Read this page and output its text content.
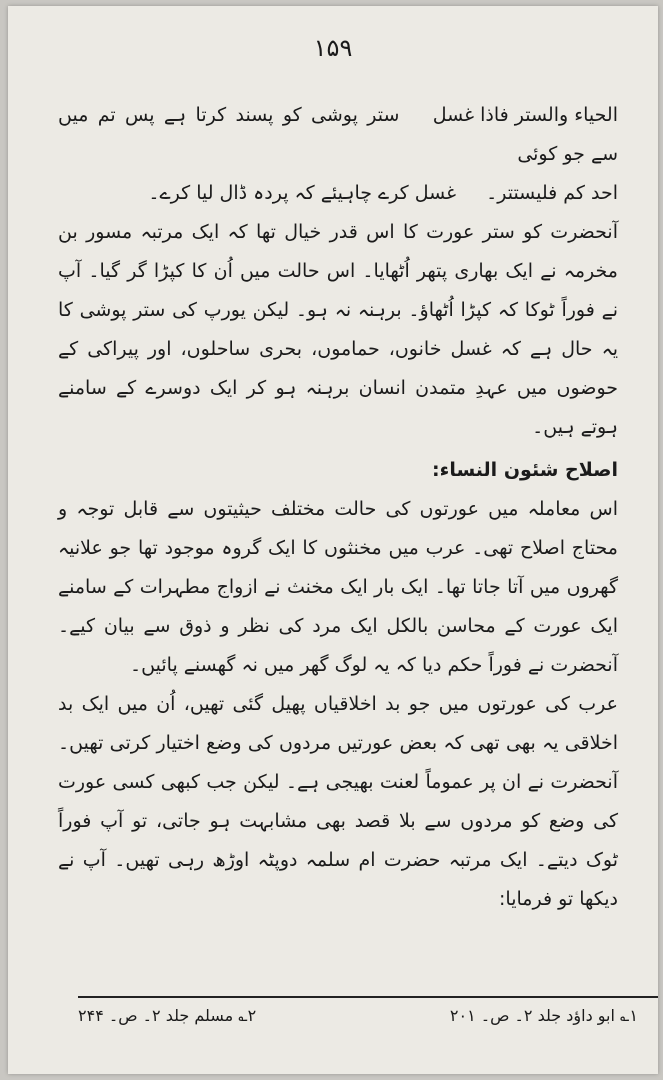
۱۵۹

الحیاء والستر فاذا غسل ستر پوشی کو پسند کرتا ہے پس تم میں سے جو کوئی

احد کم فلیستتر۔ غسل کرے چاہیئے کہ پردہ ڈال لیا کرے۔

آنحضرت کو ستر عورت کا اس قدر خیال تھا کہ ایک مرتبہ مسور بن مخرمہ نے ایک بھاری پتھر اُٹھایا۔ اس حالت میں اُن کا کپڑا گر گیا۔ آپ نے فوراً ٹوکا کہ کپڑا اُٹھاؤ۔ برہنہ نہ ہو۔ لیکن یورپ کی ستر پوشی کا یہ حال ہے کہ غسل خانوں، حماموں، بحری ساحلوں، اور پیراکی کے حوضوں میں عہدِ متمدن انسان برہنہ ہو کر ایک دوسرے کے سامنے ہوتے ہیں۔

اصلاح شئون النساء:

اس معاملہ میں عورتوں کی حالت مختلف حیثیتوں سے قابل توجہ و محتاج اصلاح تھی۔ عرب میں مخنثوں کا ایک گروہ موجود تھا جو علانیہ گھروں میں آتا جاتا تھا۔ ایک بار ایک مخنث نے ازواج مطہرات کے سامنے ایک عورت کے محاسن بالکل ایک مرد کی نظر و ذوق سے بیان کیے۔ آنحضرت نے فوراً حکم دیا کہ یہ لوگ گھر میں نہ گھسنے پائیں۔

عرب کی عورتوں میں جو بد اخلاقیاں پھیل گئی تھیں، اُن میں ایک بد اخلاقی یہ بھی تھی کہ بعض عورتیں مردوں کی وضع اختیار کرتی تھیں۔ آنحضرت نے ان پر عموماً لعنت بھیجی ہے۔ لیکن جب کبھی کسی عورت کی وضع کو مردوں سے بلا قصد بھی مشابہت ہو جاتی، تو آپ فوراً ٹوک دیتے۔ ایک مرتبہ حضرت ام سلمہ دوپٹہ اوڑھ رہی تھیں۔ آپ نے دیکھا تو فرمایا:

۱؎ ابو داؤد جلد ۲۔ ص۔ ۲۰۱
۲؎ مسلم جلد ۲۔ ص۔ ۲۴۴
